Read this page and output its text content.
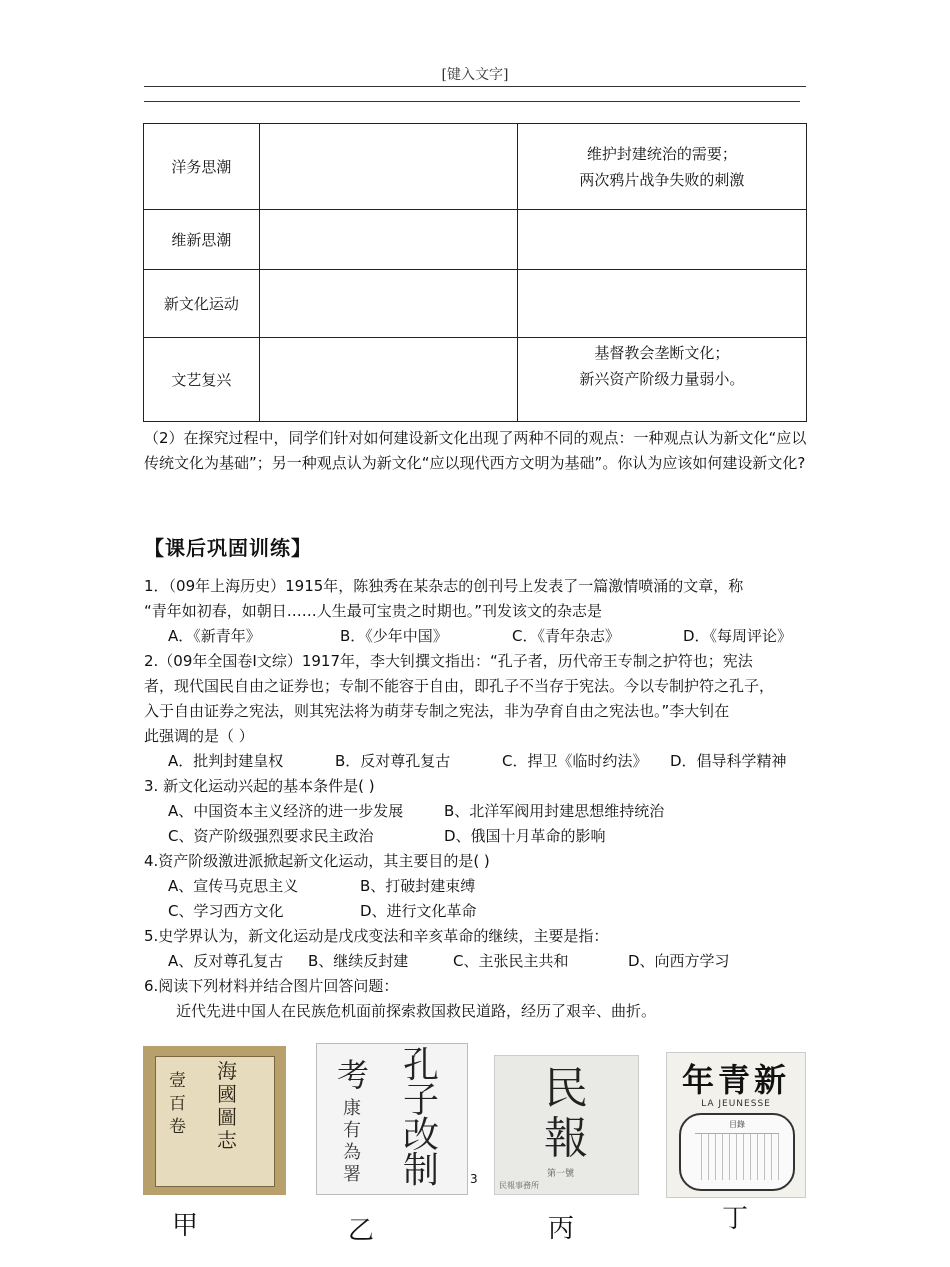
[键入文字]
洋务思潮		维护封建统治的需要；
两次鸦片战争失败的刺激

维新思潮		

新文化运动		

文艺复兴		基督教会垄断文化；
新兴资产阶级力量弱小。
（2）在探究过程中，同学们针对如何建设新文化出现了两种不同的观点：一种观点认为新文化“应以传统文化为基础”；另一种观点认为新文化“应以现代西方文明为基础”。你认为应该如何建设新文化?
【课后巩固训练】
1．（09年上海历史）1915年，陈独秀在某杂志的创刊号上发表了一篇激情喷涌的文章，称
“青年如初春，如朝日……人生最可宝贵之时期也。”刊发该文的杂志是
A．《新青年》	B．《少年中国》	C．《青年杂志》	D．《每周评论》
2.（09年全国卷Ⅰ文综）1917年，李大钊撰文指出：“孔子者，历代帝王专制之护符也；宪法
者，现代国民自由之证券也；专制不能容于自由，即孔子不当存于宪法。今以专制护符之孔子，
入于自由证券之宪法，则其宪法将为萌芽专制之宪法，非为孕育自由之宪法也。”李大钊在
此强调的是（ ）
A．批判封建皇权	B．反对尊孔复古	C．捍卫《临时约法》 D．倡导科学精神
3. 新文化运动兴起的基本条件是( )
A、中国资本主义经济的进一步发展	B、北洋军阀用封建思想维持统治
C、资产阶级强烈要求民主政治	D、俄国十月革命的影响
4.资产阶级激进派掀起新文化运动，其主要目的是( )
A、宣传马克思主义	B、打破封建束缚
C、学习西方文化	D、进行文化革命
5.史学界认为，新文化运动是戊戌变法和辛亥革命的继续，主要是指：
A、反对尊孔复古 B、继续反封建	C、主张民主共和	D、向西方学习
6.阅读下列材料并结合图片回答问题：
近代先进中国人在民族危机面前探索救国救民道路，经历了艰辛、曲折。
海國圖志
壹百卷
甲
孔子改制
考
康有為署
乙
民報
第一號
民報事務所
丙
新青年
LA JEUNESSE
目錄
丁
3
